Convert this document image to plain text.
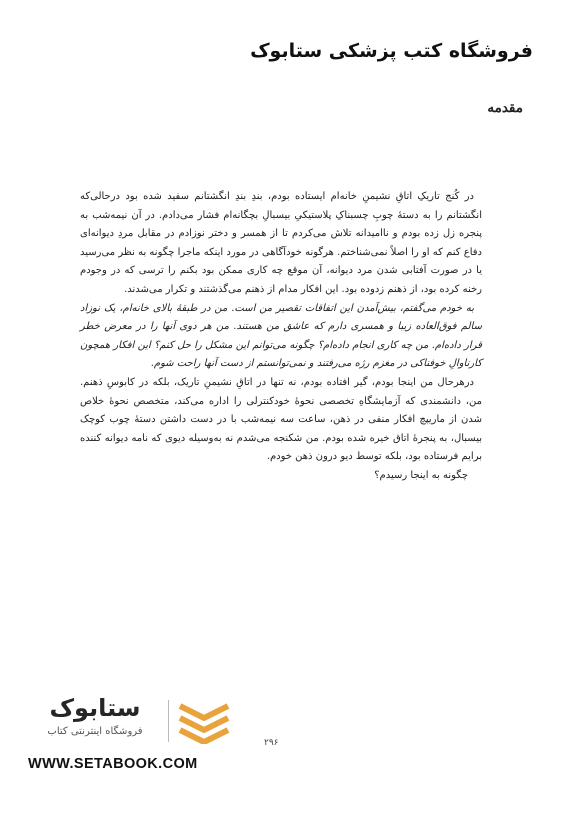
فروشگاه کتب پزشکی ستابوک
مقدمه

در کُنج تاریکِ اتاقِ نشیمنِ خانه‌ام ایستاده بودم، بندِ بندِ انگشتانم سفید شده بود درحالی‌که انگشتانم را به دستهٔ چوبِ چسبناکِ پلاستیکیِ بیسبالِ بچگانه‌ام فشار می‌دادم. در آن نیمه‌شب به پنجره زل زده بودم و ناامیدانه تلاش می‌کردم تا از همسر و دختر نوزادم در مقابل مردِ دیوانه‌ای دفاع کنم که او را اصلاً نمی‌شناختم. هرگونه خودآگاهی در مورد اینکه ماجرا چگونه به نظر می‌رسید یا در صورت آفتابی شدن مرد دیوانه، آن موقع چه کاری ممکن بود بکنم را ترسی که در وجودم رخنه کرده بود، از ذهنم زدوده بود. این افکار مدام از ذهنم می‌گذشتند و تکرار می‌شدند.

به خودم می‌گفتم، بیش‌آمدن این اتفاقات تقصیر من است. من در طبقهٔ بالای خانه‌ام، یک نوزاد سالم فوق‌العاده زیبا و همسری دارم که عاشق من هستند. من هر دوی آنها را در معرض خطر قرار داده‌ام. من چه کاری انجام داده‌ام؟ چگونه می‌توانم این مشکل را حل کنم؟ این افکار همچون کارناوالِ خوفناکی در مغزم رژه می‌رفتند و نمی‌توانستم از دست آنها راحت شوم.

درهرحال من اینجا بودم، گیر افتاده بودم، نه تنها در اتاقِ نشیمنِ تاریک، بلکه در کابوسِ ذهنم. من، دانشمندی که آزمایشگاهِ تخصصی نحوهٔ خودکنترلی را اداره می‌کند، متخصص نحوهٔ خلاص شدن از ماریپچ افکار منفی در ذهن، ساعت سه نیمه‌شب با در دست داشتن دستهٔ چوب کوچک بیسبال، به پنجرهٔ اتاق خیره شده بودم. من شکنجه می‌شدم نه به‌وسیله دیوی که نامه دیوانه کننده برایم فرستاده بود، بلکه توسط دیو درون ذهن خودم.

چگونه به اینجا رسیدم؟

ستابوک
فروشگاه اینترنتی کتاب
۲۹۶
WWW.SETABOOK.COM
